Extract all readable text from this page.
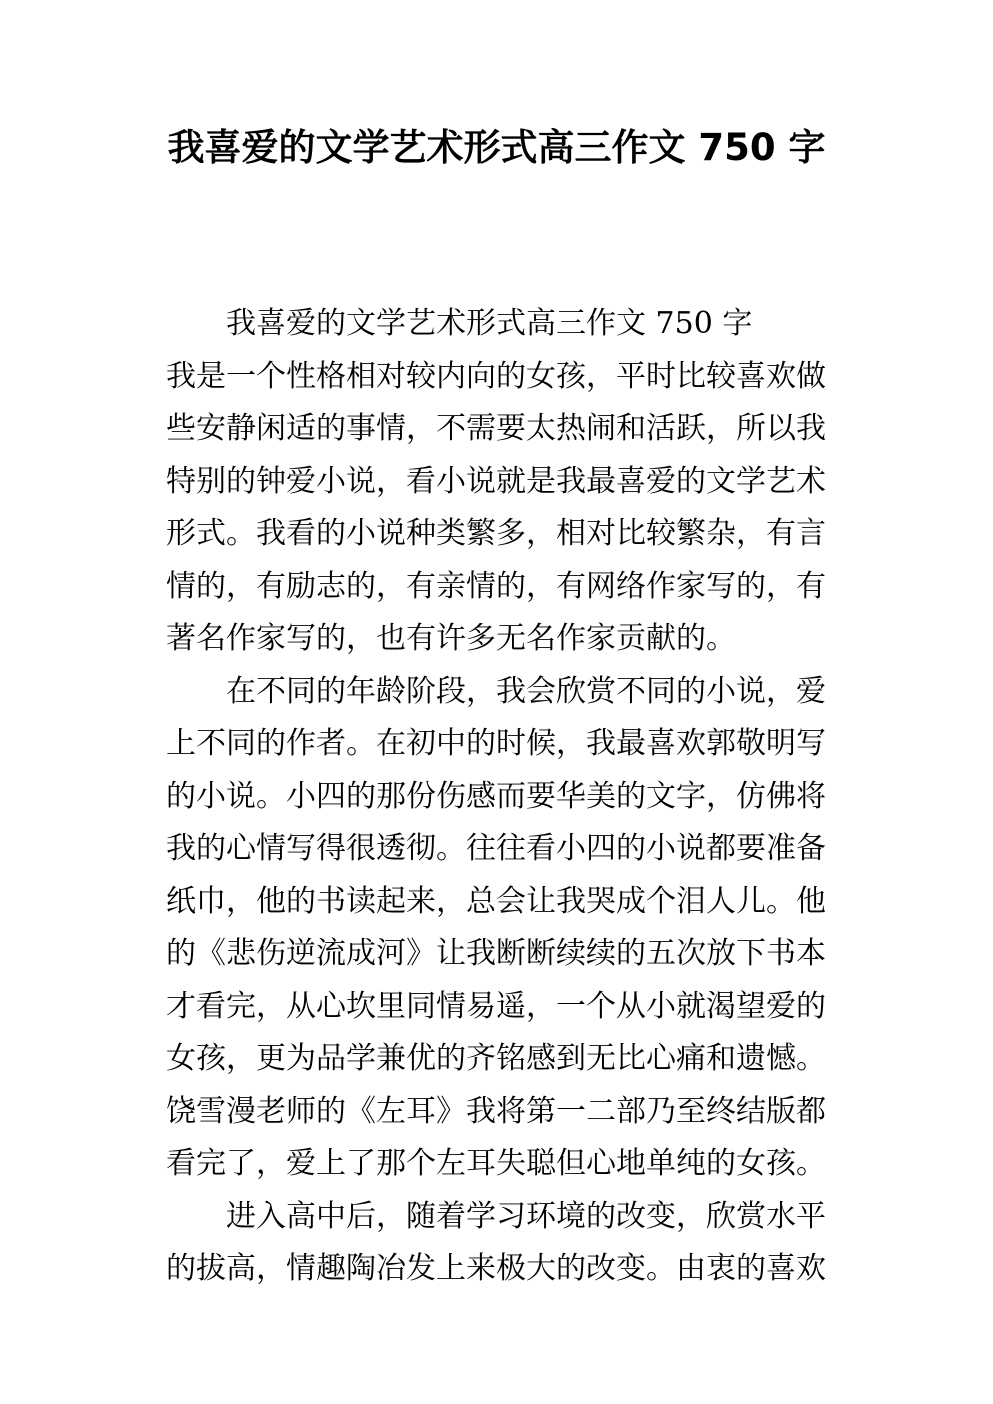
我喜爱的文学艺术形式高三作文 750 字
我喜爱的文学艺术形式高三作文 750 字
我是一个性格相对较内向的女孩，平时比较喜欢做
些安静闲适的事情，不需要太热闹和活跃，所以我
特别的钟爱小说，看小说就是我最喜爱的文学艺术
形式。我看的小说种类繁多，相对比较繁杂，有言
情的，有励志的，有亲情的，有网络作家写的，有
著名作家写的，也有许多无名作家贡献的。
在不同的年龄阶段，我会欣赏不同的小说，爱
上不同的作者。在初中的时候，我最喜欢郭敬明写
的小说。小四的那份伤感而要华美的文字，仿佛将
我的心情写得很透彻。往往看小四的小说都要准备
纸巾，他的书读起来，总会让我哭成个泪人儿。他
的《悲伤逆流成河》让我断断续续的五次放下书本
才看完，从心坎里同情易遥，一个从小就渴望爱的
女孩，更为品学兼优的齐铭感到无比心痛和遗憾。
饶雪漫老师的《左耳》我将第一二部乃至终结版都
看完了，爱上了那个左耳失聪但心地单纯的女孩。
进入高中后，随着学习环境的改变，欣赏水平
的拔高，情趣陶冶发上来极大的改变。由衷的喜欢
